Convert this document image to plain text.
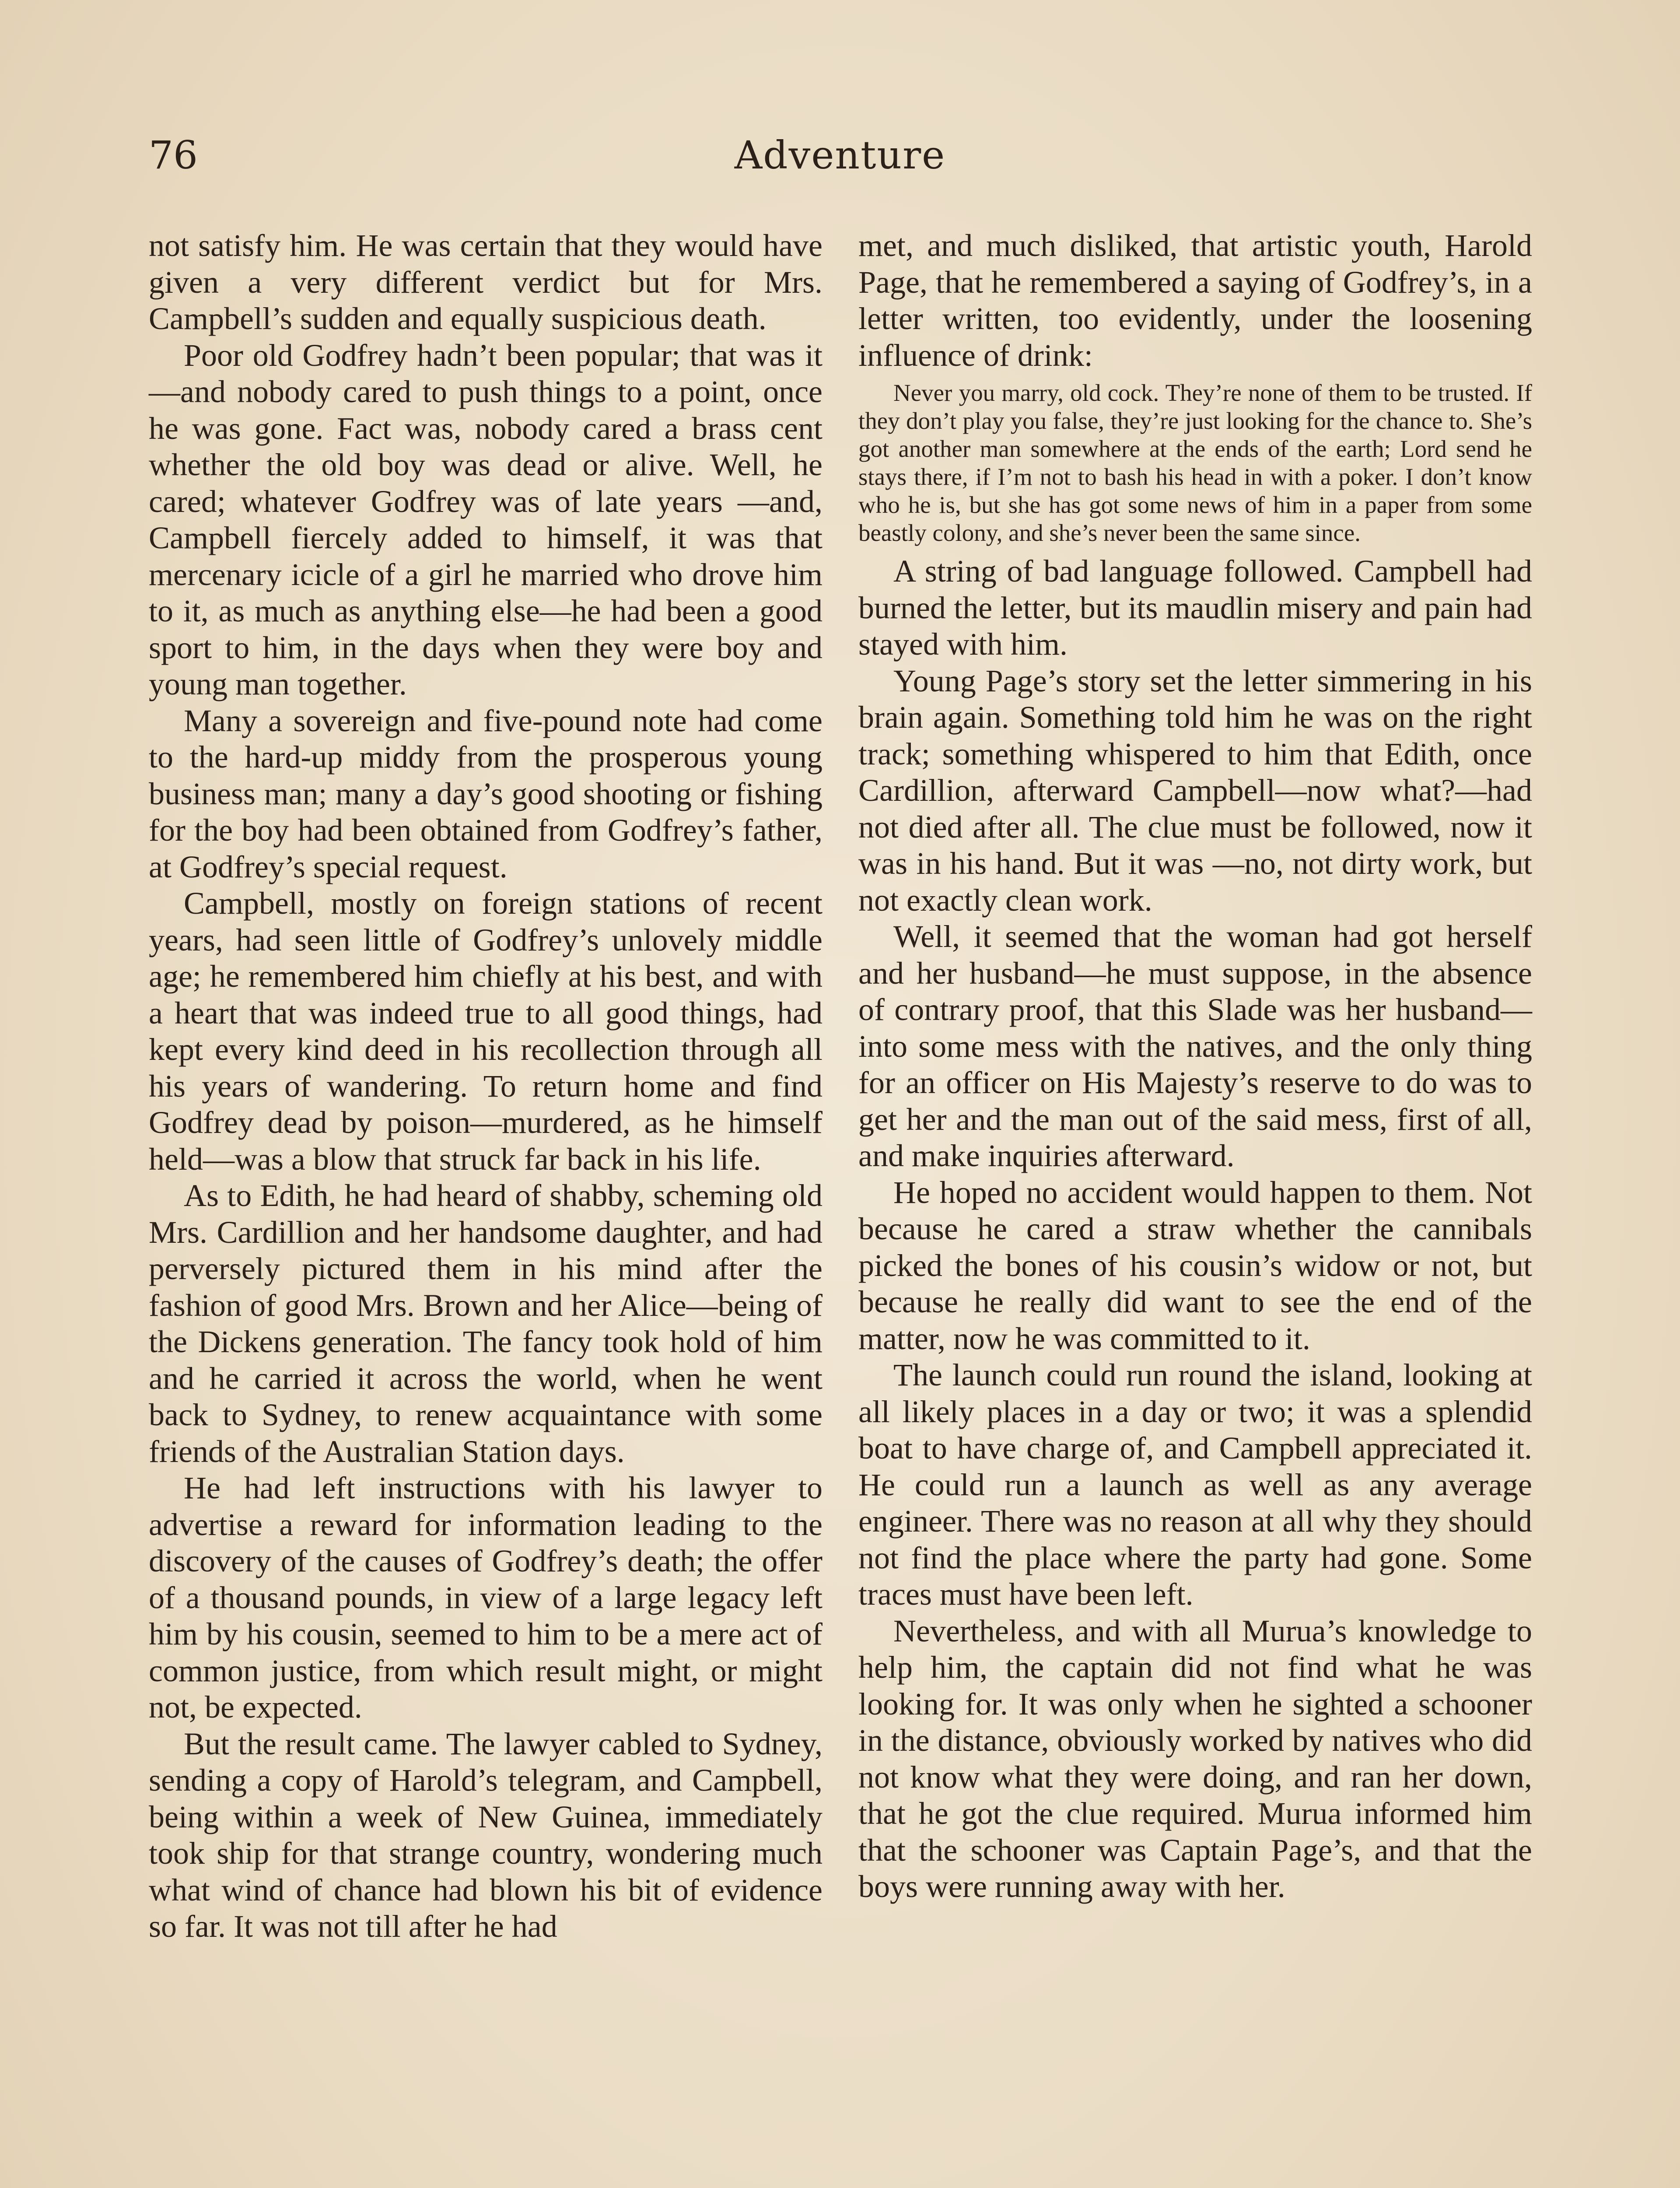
76	Adventure

not satisfy him. He was certain that they would have given a very different verdict but for Mrs. Campbell’s sudden and equally suspicious death.

Poor old Godfrey hadn’t been popular; that was it—and nobody cared to push things to a point, once he was gone. Fact was, nobody cared a brass cent whether the old boy was dead or alive. Well, he cared; whatever Godfrey was of late years —and, Campbell fiercely added to himself, it was that mercenary icicle of a girl he married who drove him to it, as much as anything else—he had been a good sport to him, in the days when they were boy and young man together.

Many a sovereign and five-pound note had come to the hard-up middy from the prosperous young business man; many a day’s good shooting or fishing for the boy had been obtained from Godfrey’s father, at Godfrey’s special request.

Campbell, mostly on foreign stations of recent years, had seen little of Godfrey’s unlovely middle age; he remembered him chiefly at his best, and with a heart that was indeed true to all good things, had kept every kind deed in his recollection through all his years of wandering. To return home and find Godfrey dead by poison—murdered, as he himself held—was a blow that struck far back in his life.

As to Edith, he had heard of shabby, scheming old Mrs. Cardillion and her handsome daughter, and had perversely pictured them in his mind after the fashion of good Mrs. Brown and her Alice—being of the Dickens generation. The fancy took hold of him and he carried it across the world, when he went back to Sydney, to renew acquaintance with some friends of the Australian Station days.

He had left instructions with his lawyer to advertise a reward for information leading to the discovery of the causes of Godfrey’s death; the offer of a thousand pounds, in view of a large legacy left him by his cousin, seemed to him to be a mere act of common justice, from which result might, or might not, be expected.

But the result came. The lawyer cabled to Sydney, sending a copy of Harold’s telegram, and Campbell, being within a week of New Guinea, immediately took ship for that strange country, wondering much what wind of chance had blown his bit of evidence so far. It was not till after he had

met, and much disliked, that artistic youth, Harold Page, that he remembered a saying of Godfrey’s, in a letter written, too evidently, under the loosening influence of drink:

Never you marry, old cock. They’re none of them to be trusted. If they don’t play you false, they’re just looking for the chance to. She’s got another man somewhere at the ends of the earth; Lord send he stays there, if I’m not to bash his head in with a poker. I don’t know who he is, but she has got some news of him in a paper from some beastly colony, and she’s never been the same since.

A string of bad language followed. Campbell had burned the letter, but its maudlin misery and pain had stayed with him.

Young Page’s story set the letter simmering in his brain again. Something told him he was on the right track; something whispered to him that Edith, once Cardillion, afterward Campbell—now what?—had not died after all. The clue must be followed, now it was in his hand. But it was —no, not dirty work, but not exactly clean work.

Well, it seemed that the woman had got herself and her husband—he must suppose, in the absence of contrary proof, that this Slade was her husband—into some mess with the natives, and the only thing for an officer on His Majesty’s reserve to do was to get her and the man out of the said mess, first of all, and make inquiries afterward.

He hoped no accident would happen to them. Not because he cared a straw whether the cannibals picked the bones of his cousin’s widow or not, but because he really did want to see the end of the matter, now he was committed to it.

The launch could run round the island, looking at all likely places in a day or two; it was a splendid boat to have charge of, and Campbell appreciated it. He could run a launch as well as any average engineer. There was no reason at all why they should not find the place where the party had gone. Some traces must have been left.

Nevertheless, and with all Murua’s knowledge to help him, the captain did not find what he was looking for. It was only when he sighted a schooner in the distance, obviously worked by natives who did not know what they were doing, and ran her down, that he got the clue required. Murua informed him that the schooner was Captain Page’s, and that the boys were running away with her.
